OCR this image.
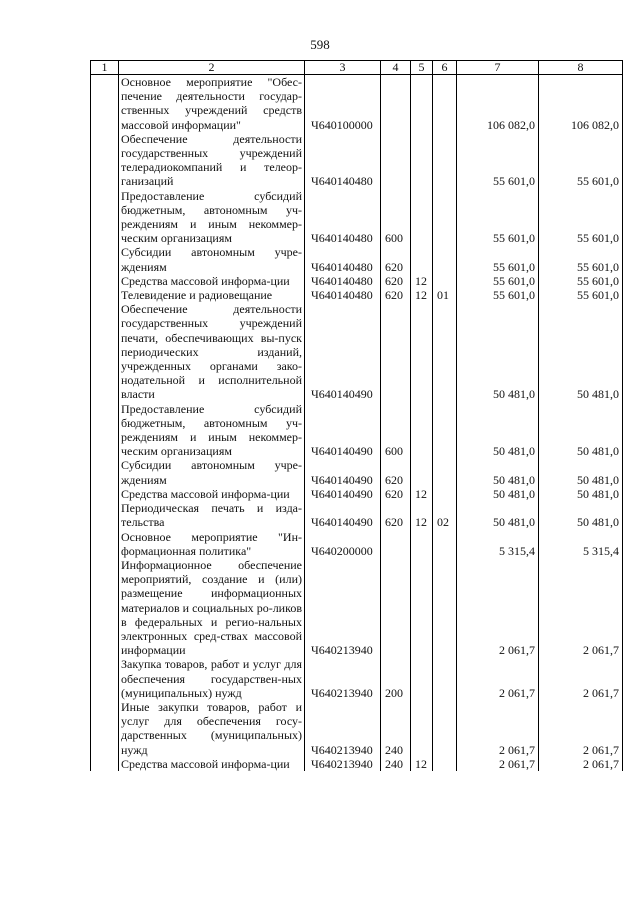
598
1	2	3	4	5	6	7	8
	Основное мероприятие "Обес-печение деятельности государ-ственных учреждений средств массовой информации"	Ч640100000				106 082,0	106 082,0
	Обеспечение деятельности государственных учреждений телерадиокомпаний и телеор-ганизаций	Ч640140480				55 601,0	55 601,0
	Предоставление субсидий бюджетным, автономным уч-реждениям и иным некоммер-ческим организациям	Ч640140480	600			55 601,0	55 601,0
	Субсидии автономным учре-ждениям	Ч640140480	620			55 601,0	55 601,0
	Средства массовой информа-ции	Ч640140480	620	12		55 601,0	55 601,0
	Телевидение и радиовещание	Ч640140480	620	12	01	55 601,0	55 601,0
	Обеспечение деятельности государственных учреждений печати, обеспечивающих вы-пуск периодических изданий, учрежденных органами зако-нодательной и исполнительной власти	Ч640140490				50 481,0	50 481,0
	Предоставление субсидий бюджетным, автономным уч-реждениям и иным некоммер-ческим организациям	Ч640140490	600			50 481,0	50 481,0
	Субсидии автономным учре-ждениям	Ч640140490	620			50 481,0	50 481,0
	Средства массовой информа-ции	Ч640140490	620	12		50 481,0	50 481,0
	Периодическая печать и изда-тельства	Ч640140490	620	12	02	50 481,0	50 481,0
	Основное мероприятие "Ин-формационная политика"	Ч640200000				5 315,4	5 315,4
	Информационное обеспечение мероприятий, создание и (или) размещение информационных материалов и социальных ро-ликов в федеральных и регио-нальных электронных сред-ствах массовой информации	Ч640213940				2 061,7	2 061,7
	Закупка товаров, работ и услуг для обеспечения государствен-ных (муниципальных) нужд	Ч640213940	200			2 061,7	2 061,7
	Иные закупки товаров, работ и услуг для обеспечения госу-дарственных (муниципальных) нужд	Ч640213940	240			2 061,7	2 061,7
	Средства массовой информа-ции	Ч640213940	240	12		2 061,7	2 061,7
